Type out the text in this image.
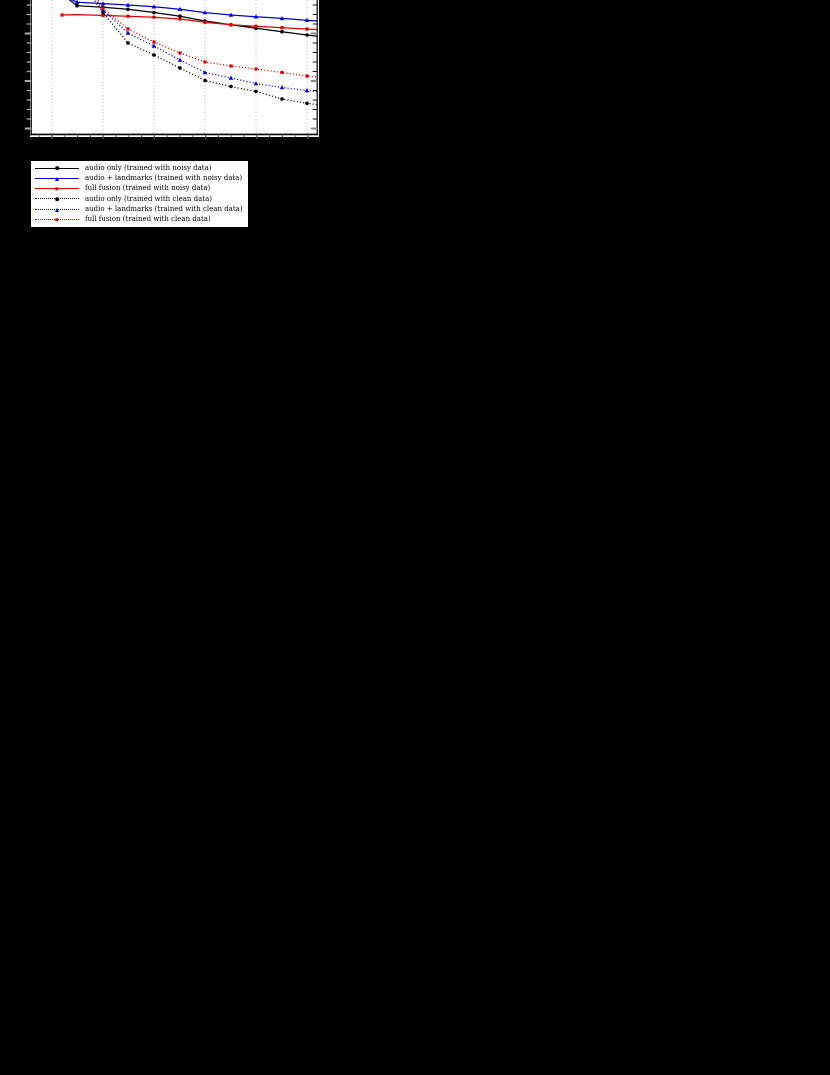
audio only (trained with noisy data)
audio + landmarks (trained with noisy data)
full fusion (trained with noisy data)
audio only (trained with clean data)
audio + landmarks (trained with clean data)
full fusion (trained with clean data)
